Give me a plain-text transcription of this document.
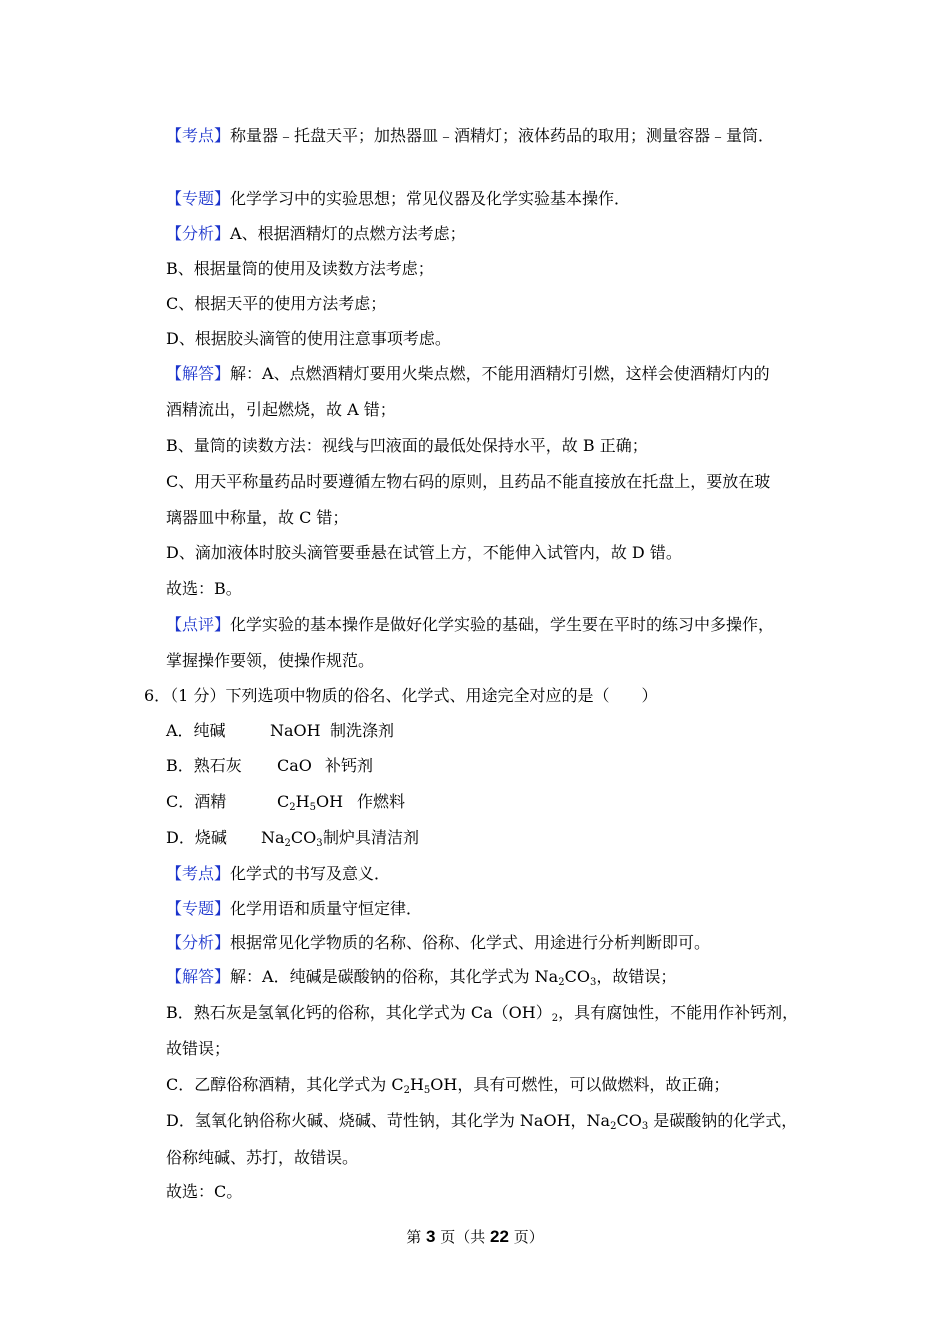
【考点】称量器﹣托盘天平；加热器皿﹣酒精灯；液体药品的取用；测量容器﹣量筒．
【专题】化学学习中的实验思想；常见仪器及化学实验基本操作．
【分析】A、根据酒精灯的点燃方法考虑；
B、根据量筒的使用及读数方法考虑；
C、根据天平的使用方法考虑；
D、根据胶头滴管的使用注意事项考虑。
【解答】解：A、点燃酒精灯要用火柴点燃，不能用酒精灯引燃，这样会使酒精灯内的
酒精流出，引起燃烧，故 A 错；
B、量筒的读数方法：视线与凹液面的最低处保持水平，故 B 正确；
C、用天平称量药品时要遵循左物右码的原则，且药品不能直接放在托盘上，要放在玻
璃器皿中称量，故 C 错；
D、滴加液体时胶头滴管要垂悬在试管上方，不能伸入试管内，故 D 错。
故选：B。
【点评】化学实验的基本操作是做好化学实验的基础，学生要在平时的练习中多操作，
掌握操作要领，使操作规范。
6．（1 分）下列选项中物质的俗名、化学式、用途完全对应的是（　　）
A．纯碱	NaOH 制洗涤剂
B．熟石灰 CaO 补钙剂
C．酒精	$C_2H_5OH$ 作燃料
D．烧碱 $Na_2CO_3$制炉具清洁剂
【考点】化学式的书写及意义．
【专题】化学用语和质量守恒定律．
【分析】根据常见化学物质的名称、俗称、化学式、用途进行分析判断即可。
【解答】解：A．纯碱是碳酸钠的俗称，其化学式为 $Na_2CO_3$，故错误；
B．熟石灰是氢氧化钙的俗称，其化学式为 $Ca(OH)_2$，具有腐蚀性，不能用作补钙剂，
故错误；
C．乙醇俗称酒精，其化学式为 $C_2H_5OH$，具有可燃性，可以做燃料，故正确；
D．氢氧化钠俗称火碱、烧碱、苛性钠，其化学为 NaOH，$Na_2CO_3$ 是碳酸钠的化学式，
俗称纯碱、苏打，故错误。
故选：C。
第 3 页（共 22 页）
